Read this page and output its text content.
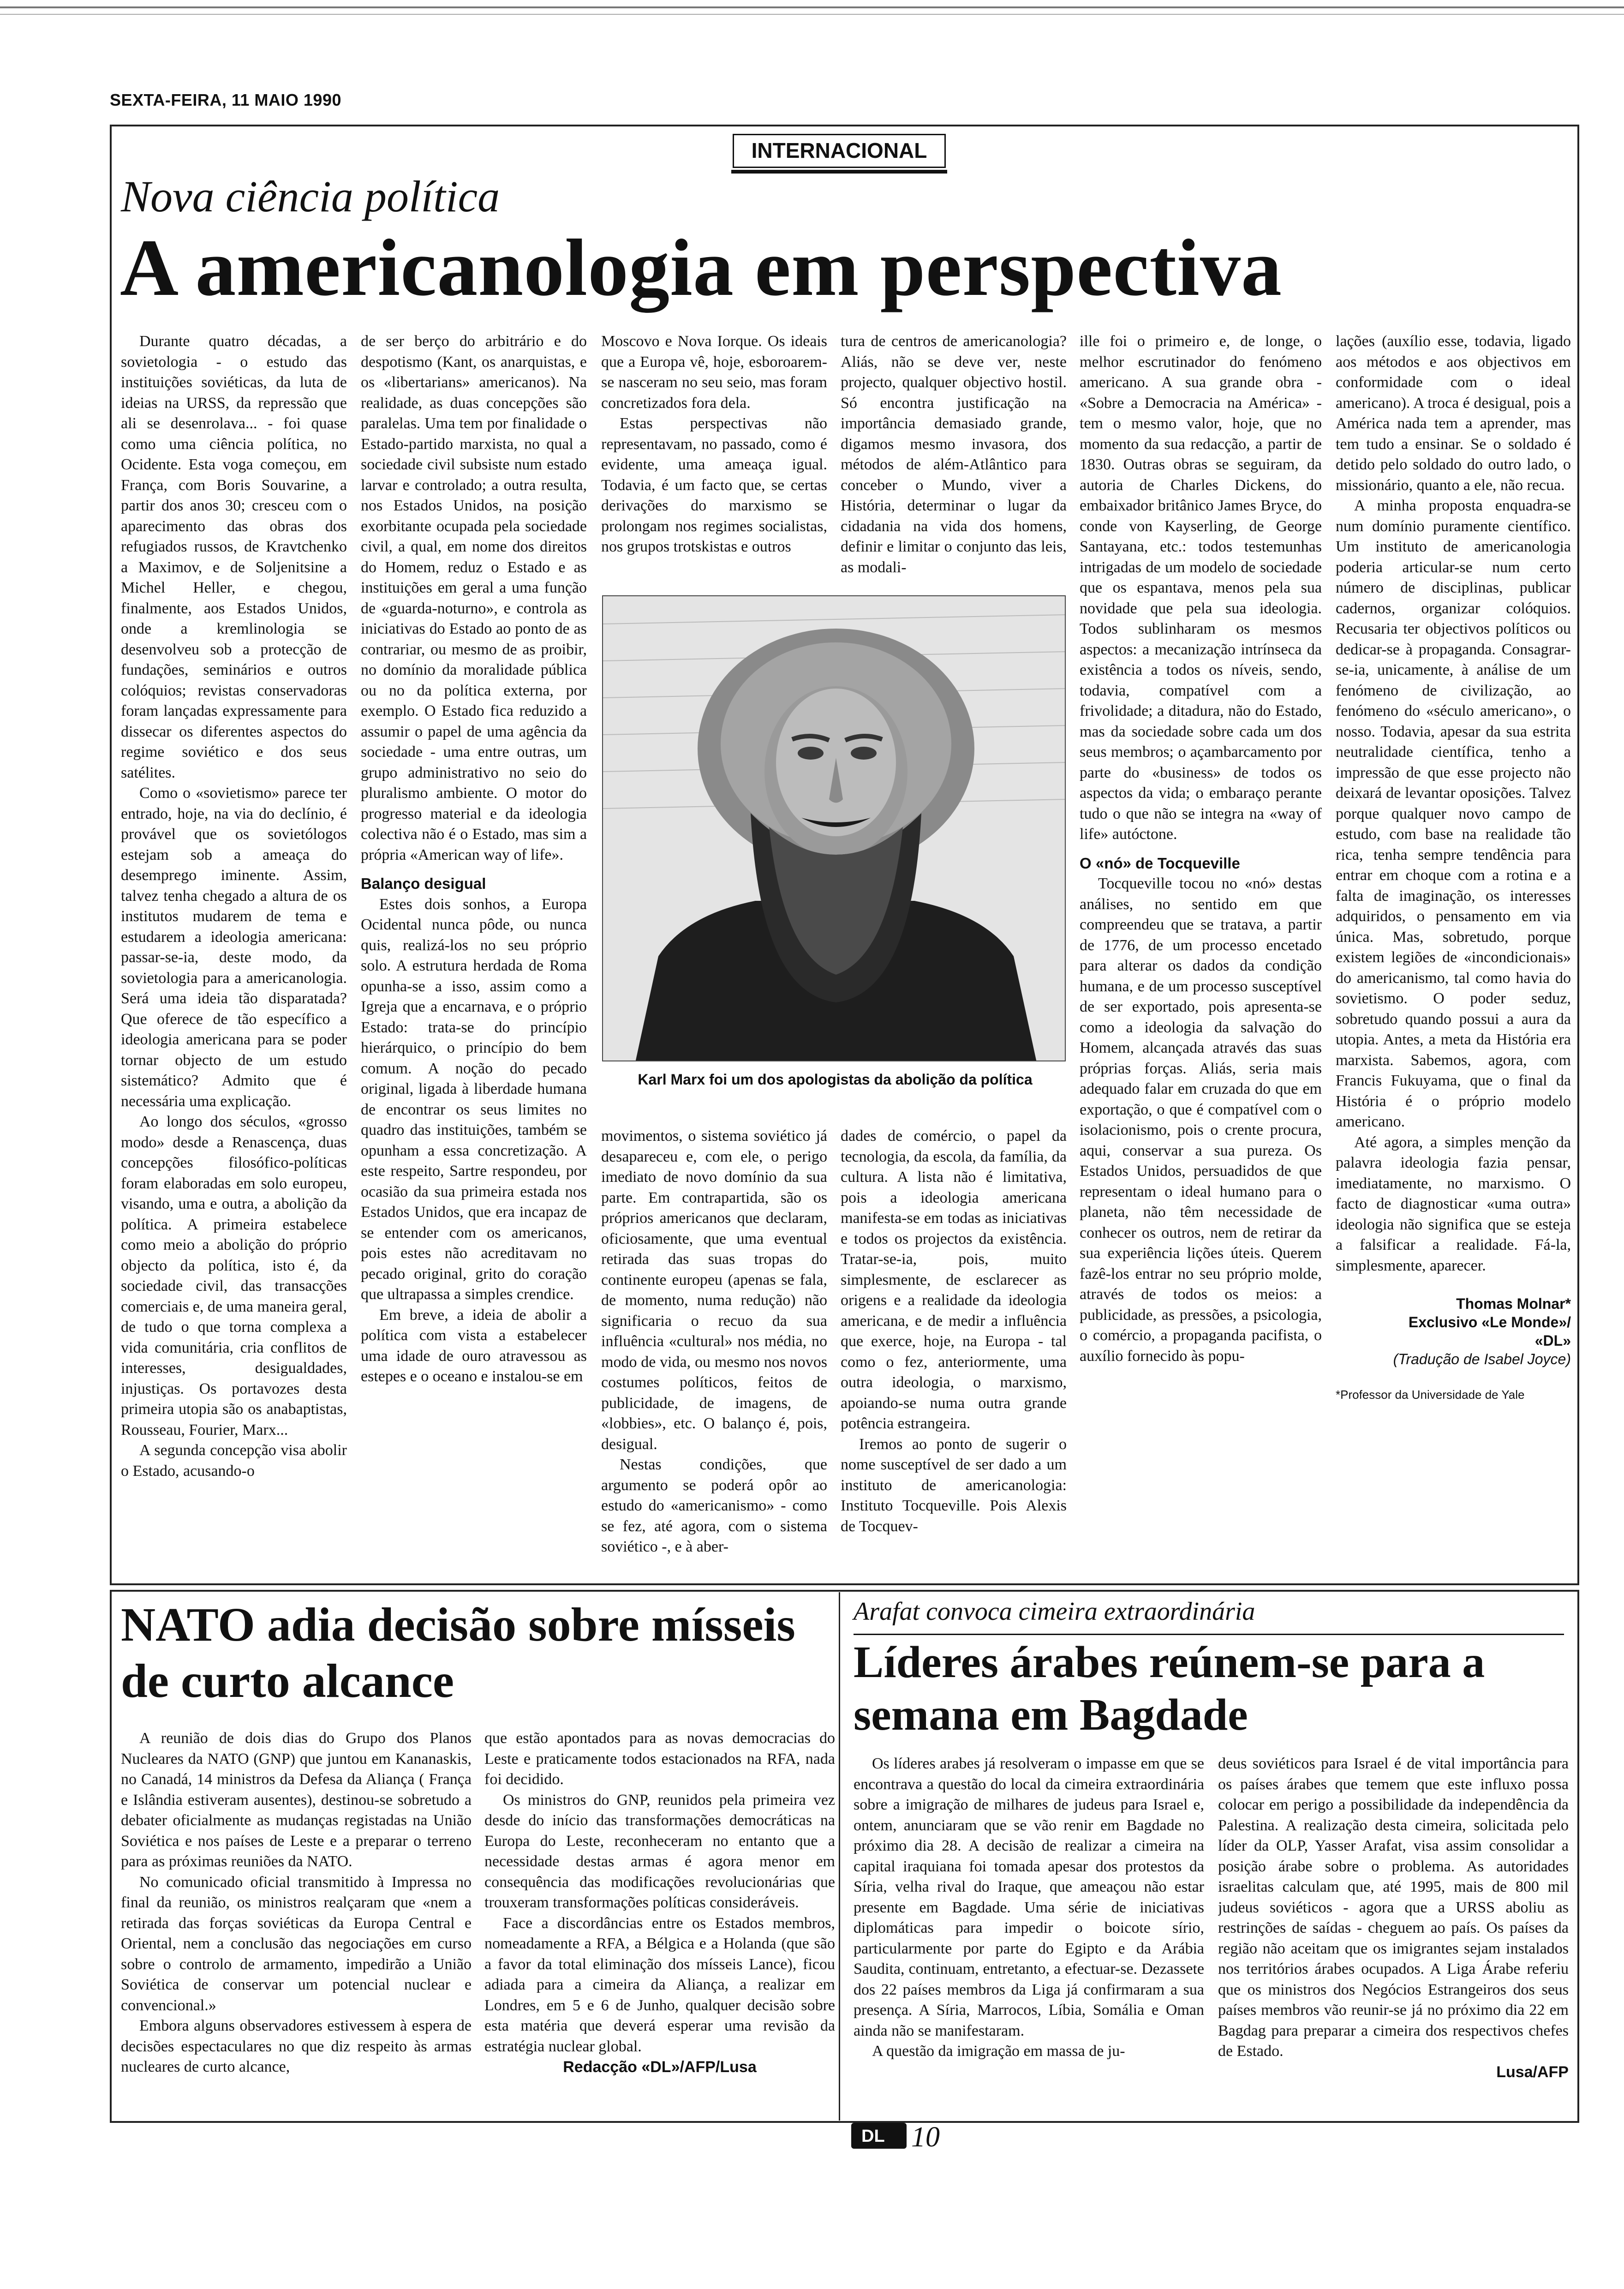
SEXTA-FEIRA, 11 MAIO 1990
INTERNACIONAL
Nova ciência política
A americanologia em perspectiva

Durante quatro décadas, a sovietologia - o estudo das instituições soviéticas, da luta de ideias na URSS, da repressão que ali se desenrolava... - foi quase como uma ciência política, no Ocidente. Esta voga começou, em França, com Boris Souvarine, a partir dos anos 30; cresceu com o aparecimento das obras dos refugiados russos, de Kravtchenko a Maximov, e de Soljenitsine a Michel Heller, e chegou, finalmente, aos Estados Unidos, onde a kremlinologia se desenvolveu sob a protecção de fundações, seminários e outros colóquios; revistas conservadoras foram lançadas expressamente para dissecar os diferentes aspectos do regime soviético e dos seus satélites.

Como o «sovietismo» parece ter entrado, hoje, na via do declínio, é provável que os sovietólogos estejam sob a ameaça do desemprego iminente. Assim, talvez tenha chegado a altura de os institutos mudarem de tema e estudarem a ideologia americana: passar-se-ia, deste modo, da sovietologia para a americanologia. Será uma ideia tão disparatada? Que oferece de tão específico a ideologia americana para se poder tornar objecto de um estudo sistemático? Admito que é necessária uma explicação.

Ao longo dos séculos, «grosso modo» desde a Renascença, duas concepções filosófico-políticas foram elaboradas em solo europeu, visando, uma e outra, a abolição da política. A primeira estabelece como meio a abolição do próprio objecto da política, isto é, da sociedade civil, das transacções comerciais e, de uma maneira geral, de tudo o que torna complexa a vida comunitária, cria conflitos de interesses, desigualdades, injustiças. Os portavozes desta primeira utopia são os anabaptistas, Rousseau, Fourier, Marx...

A segunda concepção visa abolir o Estado, acusando-o

de ser berço do arbitrário e do despotismo (Kant, os anarquistas, e os «libertarians» americanos). Na realidade, as duas concepções são paralelas. Uma tem por finalidade o Estado-partido marxista, no qual a sociedade civil subsiste num estado larvar e controlado; a outra resulta, nos Estados Unidos, na posição exorbitante ocupada pela sociedade civil, a qual, em nome dos direitos do Homem, reduz o Estado e as instituições em geral a uma função de «guarda-noturno», e controla as iniciativas do Estado ao ponto de as contrariar, ou mesmo de as proibir, no domínio da moralidade pública ou no da política externa, por exemplo. O Estado fica reduzido a assumir o papel de uma agência da sociedade - uma entre outras, um grupo administrativo no seio do pluralismo ambiente. O motor do progresso material e da ideologia colectiva não é o Estado, mas sim a própria «American way of life».

Balanço desigual

Estes dois sonhos, a Europa Ocidental nunca pôde, ou nunca quis, realizá-los no seu próprio solo. A estrutura herdada de Roma opunha-se a isso, assim como a Igreja que a encarnava, e o próprio Estado: trata-se do princípio hierárquico, o princípio do bem comum. A noção do pecado original, ligada à liberdade humana de encontrar os seus limites no quadro das instituições, também se opunham a essa concretização. A este respeito, Sartre respondeu, por ocasião da sua primeira estada nos Estados Unidos, que era incapaz de se entender com os americanos, pois estes não acreditavam no pecado original, grito do coração que ultrapassa a simples crendice.

Em breve, a ideia de abolir a política com vista a estabelecer uma idade de ouro atravessou as estepes e o oceano e instalou-se em

Moscovo e Nova Iorque. Os ideais que a Europa vê, hoje, esboroarem-se nasceram no seu seio, mas foram concretizados fora dela.

Estas perspectivas não representavam, no passado, como é evidente, uma ameaça igual. Todavia, é um facto que, se certas derivações do marxismo se prolongam nos regimes socialistas, nos grupos trotskistas e outros

tura de centros de americanologia? Aliás, não se deve ver, neste projecto, qualquer objectivo hostil. Só encontra justificação na importância demasiado grande, digamos mesmo invasora, dos métodos de além-Atlântico para conceber o Mundo, viver a História, determinar o lugar da cidadania na vida dos homens, definir e limitar o conjunto das leis, as modali-

Karl Marx foi um dos apologistas da abolição da política

movimentos, o sistema soviético já desapareceu e, com ele, o perigo imediato de novo domínio da sua parte. Em contrapartida, são os próprios americanos que declaram, oficiosamente, que uma eventual retirada das suas tropas do continente europeu (apenas se fala, de momento, numa redução) não significaria o recuo da sua influência «cultural» nos média, no modo de vida, ou mesmo nos novos costumes políticos, feitos de publicidade, de imagens, de «lobbies», etc. O balanço é, pois, desigual.

Nestas condições, que argumento se poderá opôr ao estudo do «americanismo» - como se fez, até agora, com o sistema soviético -, e à aber-

dades de comércio, o papel da tecnologia, da escola, da família, da cultura. A lista não é limitativa, pois a ideologia americana manifesta-se em todas as iniciativas e todos os projectos da existência. Tratar-se-ia, pois, muito simplesmente, de esclarecer as origens e a realidade da ideologia americana, e de medir a influência que exerce, hoje, na Europa - tal como o fez, anteriormente, uma outra ideologia, o marxismo, apoiando-se numa outra grande potência estrangeira.

Iremos ao ponto de sugerir o nome susceptível de ser dado a um instituto de americanologia: Instituto Tocqueville. Pois Alexis de Tocquev-

ille foi o primeiro e, de longe, o melhor escrutinador do fenómeno americano. A sua grande obra - «Sobre a Democracia na América» - tem o mesmo valor, hoje, que no momento da sua redacção, a partir de 1830. Outras obras se seguiram, da autoria de Charles Dickens, do embaixador britânico James Bryce, do conde von Kayserling, de George Santayana, etc.: todos testemunhas intrigadas de um modelo de sociedade que os espantava, menos pela sua novidade que pela sua ideologia. Todos sublinharam os mesmos aspectos: a mecanização intrínseca da existência a todos os níveis, sendo, todavia, compatível com a frivolidade; a ditadura, não do Estado, mas da sociedade sobre cada um dos seus membros; o açambarcamento por parte do «business» de todos os aspectos da vida; o embaraço perante tudo o que não se integra na «way of life» autóctone.

O «nó» de Tocqueville

Tocqueville tocou no «nó» destas análises, no sentido em que compreendeu que se tratava, a partir de 1776, de um processo encetado para alterar os dados da condição humana, e de um processo susceptível de ser exportado, pois apresenta-se como a ideologia da salvação do Homem, alcançada através das suas próprias forças. Aliás, seria mais adequado falar em cruzada do que em exportação, o que é compatível com o isolacionismo, pois o crente procura, aqui, conservar a sua pureza. Os Estados Unidos, persuadidos de que representam o ideal humano para o planeta, não têm necessidade de conhecer os outros, nem de retirar da sua experiência lições úteis. Querem fazê-los entrar no seu próprio molde, através de todos os meios: a publicidade, as pressões, a psicologia, o comércio, a propaganda pacifista, o auxílio fornecido às popu-

lações (auxílio esse, todavia, ligado aos métodos e aos objectivos em conformidade com o ideal americano). A troca é desigual, pois a América nada tem a aprender, mas tem tudo a ensinar. Se o soldado é detido pelo soldado do outro lado, o missionário, quanto a ele, não recua.

A minha proposta enquadra-se num domínio puramente científico. Um instituto de americanologia poderia articular-se num certo número de disciplinas, publicar cadernos, organizar colóquios. Recusaria ter objectivos políticos ou dedicar-se à propaganda. Consagrar-se-ia, unicamente, à análise de um fenómeno de civilização, ao fenómeno do «século americano», o nosso. Todavia, apesar da sua estrita neutralidade científica, tenho a impressão de que esse projecto não deixará de levantar oposições. Talvez porque qualquer novo campo de estudo, com base na realidade tão rica, tenha sempre tendência para entrar em choque com a rotina e a falta de imaginação, os interesses adquiridos, o pensamento em via única. Mas, sobretudo, porque existem legiões de «incondicionais» do americanismo, tal como havia do sovietismo. O poder seduz, sobretudo quando possui a aura da utopia. Antes, a meta da História era marxista. Sabemos, agora, com Francis Fukuyama, que o final da História é o próprio modelo americano.

Até agora, a simples menção da palavra ideologia fazia pensar, imediatamente, no marxismo. O facto de diagnosticar «uma outra» ideologia não significa que se esteja a falsificar a realidade. Fá-la, simplesmente, aparecer.

Thomas Molnar*
Exclusivo «Le Monde»/
«DL»
(Tradução de Isabel Joyce)
*Professor da Universidade de Yale
NATO adia decisão sobre mísseis de curto alcance

A reunião de dois dias do Grupo dos Planos Nucleares da NATO (GNP) que juntou em Kananaskis, no Canadá, 14 ministros da Defesa da Aliança ( França e Islândia estiveram ausentes), destinou-se sobretudo a debater oficialmente as mudanças registadas na União Soviética e nos países de Leste e a preparar o terreno para as próximas reuniões da NATO.

No comunicado oficial transmitido à Impressa no final da reunião, os ministros realçaram que «nem a retirada das forças soviéticas da Europa Central e Oriental, nem a conclusão das negociações em curso sobre o controlo de armamento, impedirão a União Soviética de conservar um potencial nuclear e convencional.»

Embora alguns observadores estivessem à espera de decisões espectaculares no que diz respeito às armas nucleares de curto alcance,

que estão apontados para as novas democracias do Leste e praticamente todos estacionados na RFA, nada foi decidido.

Os ministros do GNP, reunidos pela primeira vez desde do início das transformações democráticas na Europa do Leste, reconheceram no entanto que a necessidade destas armas é agora menor em consequência das modificações revolucionárias que trouxeram transformações políticas consideráveis.

Face a discordâncias entre os Estados membros, nomeadamente a RFA, a Bélgica e a Holanda (que são a favor da total eliminação dos mísseis Lance), ficou adiada para a cimeira da Aliança, a realizar em Londres, em 5 e 6 de Junho, qualquer decisão sobre esta matéria que deverá esperar uma revisão da estratégia nuclear global.

Redacção «DL»/AFP/Lusa

Arafat convoca cimeira extraordinária
Líderes árabes reúnem-se para a semana em Bagdade

Os líderes arabes já resolveram o impasse em que se encontrava a questão do local da cimeira extraordinária sobre a imigração de milhares de judeus para Israel e, ontem, anunciaram que se vão renir em Bagdade no próximo dia 28. A decisão de realizar a cimeira na capital iraquiana foi tomada apesar dos protestos da Síria, velha rival do Iraque, que ameaçou não estar presente em Bagdade. Uma série de iniciativas diplomáticas para impedir o boicote sírio, particularmente por parte do Egipto e da Arábia Saudita, continuam, entretanto, a efectuar-se. Dezassete dos 22 países membros da Liga já confirmaram a sua presença. A Síria, Marrocos, Líbia, Somália e Oman ainda não se manifestaram.

A questão da imigração em massa de ju-

deus soviéticos para Israel é de vital importância para os países árabes que temem que este influxo possa colocar em perigo a possibilidade da independência da Palestina. A realização desta cimeira, solicitada pelo líder da OLP, Yasser Arafat, visa assim consolidar a posição árabe sobre o problema. As autoridades israelitas calculam que, até 1995, mais de 800 mil judeus soviéticos - agora que a URSS aboliu as restrinções de saídas - cheguem ao país. Os países da região não aceitam que os imigrantes sejam instalados nos territórios árabes ocupados. A Liga Árabe referiu que os ministros dos Negócios Estrangeiros dos seus países membros vão reunir-se já no próximo dia 22 em Bagdag para preparar a cimeira dos respectivos chefes de Estado.

Lusa/AFP

DL 10
